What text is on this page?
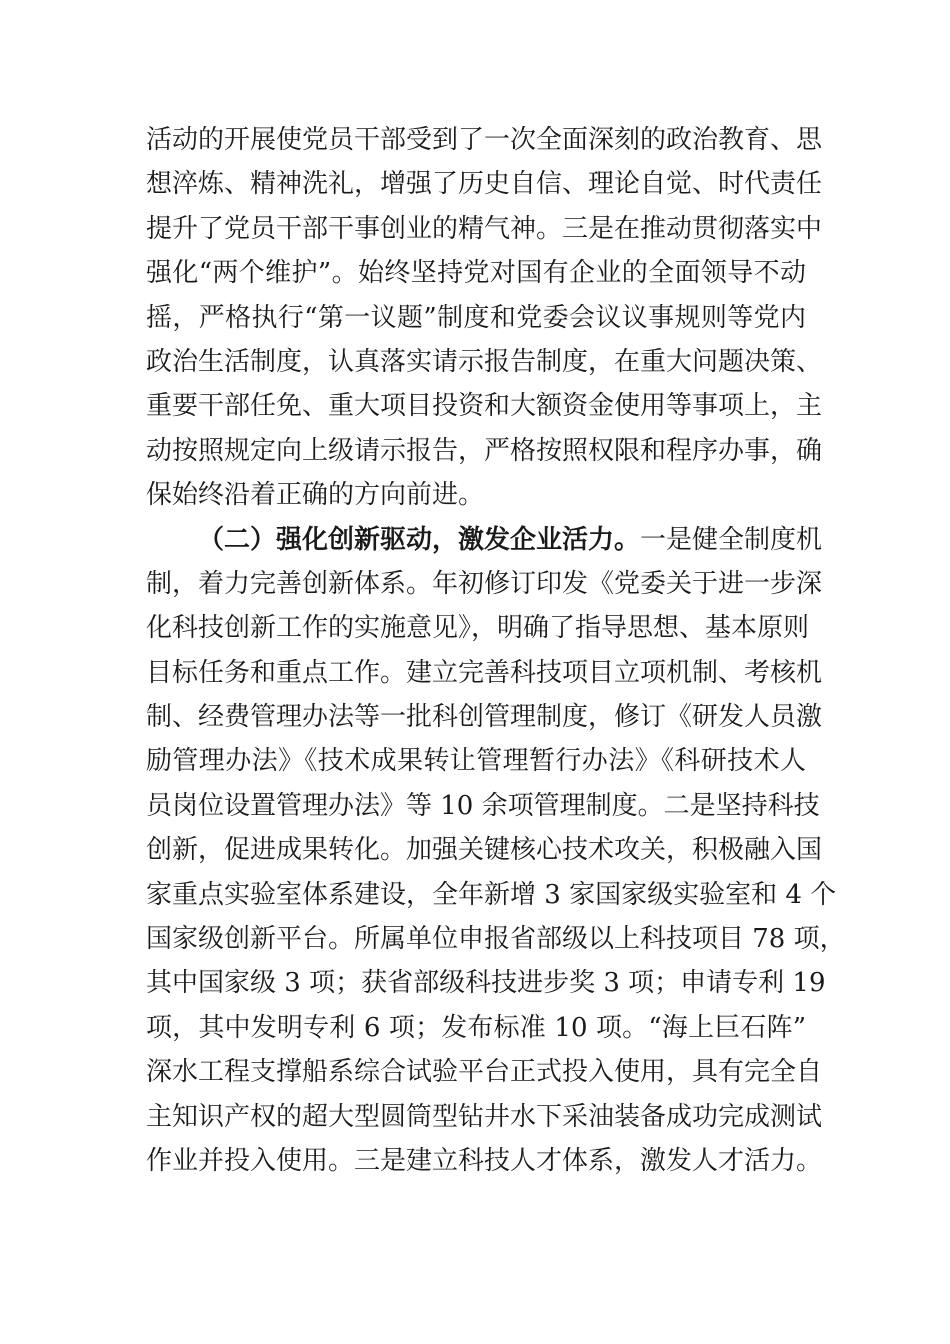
活动的开展使党员干部受到了一次全面深刻的政治教育、思
想淬炼、精神洗礼，增强了历史自信、理论自觉、时代责任
提升了党员干部干事创业的精气神。三是在推动贯彻落实中
强化“两个维护”。始终坚持党对国有企业的全面领导不动
摇，严格执行“第一议题”制度和党委会议议事规则等党内
政治生活制度，认真落实请示报告制度，在重大问题决策、
重要干部任免、重大项目投资和大额资金使用等事项上，主
动按照规定向上级请示报告，严格按照权限和程序办事，确
保始终沿着正确的方向前进。
（二）强化创新驱动，激发企业活力。一是健全制度机
制，着力完善创新体系。年初修订印发《党委关于进一步深
化科技创新工作的实施意见》，明确了指导思想、基本原则
目标任务和重点工作。建立完善科技项目立项机制、考核机
制、经费管理办法等一批科创管理制度，修订《研发人员激
励管理办法》《技术成果转让管理暂行办法》《科研技术人
员岗位设置管理办法》等 10 余项管理制度。二是坚持科技
创新，促进成果转化。加强关键核心技术攻关，积极融入国
家重点实验室体系建设，全年新增 3 家国家级实验室和 4 个
国家级创新平台。所属单位申报省部级以上科技项目 78 项，
其中国家级 3 项；获省部级科技进步奖 3 项；申请专利 19
项，其中发明专利 6 项；发布标准 10 项。“海上巨石阵”
深水工程支撑船系综合试验平台正式投入使用，具有完全自
主知识产权的超大型圆筒型钻井水下采油装备成功完成测试
作业并投入使用。三是建立科技人才体系，激发人才活力。
